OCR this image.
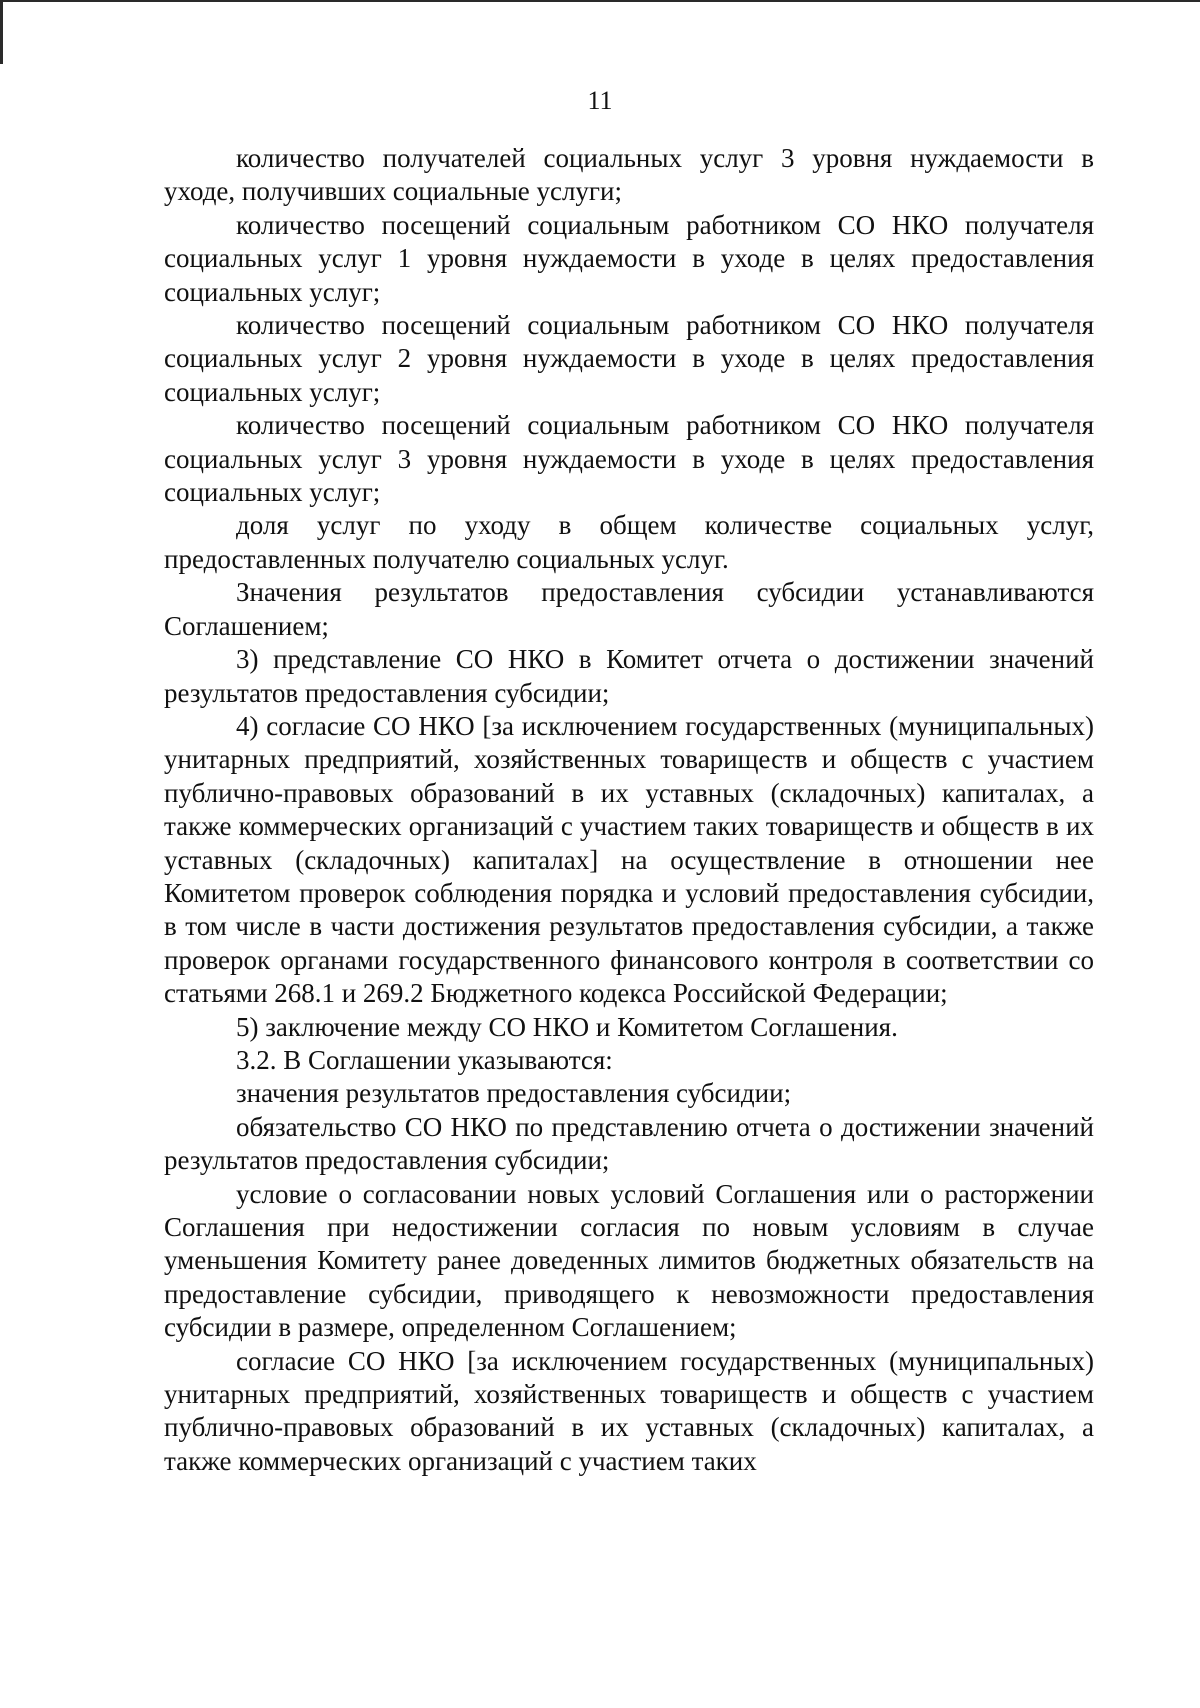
11

количество получателей социальных услуг 3 уровня нуждаемости в уходе, получивших социальные услуги;

количество посещений социальным работником СО НКО получателя социальных услуг 1 уровня нуждаемости в уходе в целях предоставления социальных услуг;

количество посещений социальным работником СО НКО получателя социальных услуг 2 уровня нуждаемости в уходе в целях предоставления социальных услуг;

количество посещений социальным работником СО НКО получателя социальных услуг 3 уровня нуждаемости в уходе в целях предоставления социальных услуг;

доля услуг по уходу в общем количестве социальных услуг, предоставленных получателю социальных услуг.

Значения результатов предоставления субсидии устанавливаются Соглашением;

3) представление СО НКО в Комитет отчета о достижении значений результатов предоставления субсидии;

4) согласие СО НКО [за исключением государственных (муниципальных) унитарных предприятий, хозяйственных товариществ и обществ с участием публично-правовых образований в их уставных (складочных) капиталах, а также коммерческих организаций с участием таких товариществ и обществ в их уставных (складочных) капиталах] на осуществление в отношении нее Комитетом проверок соблюдения порядка и условий предоставления субсидии, в том числе в части достижения результатов предоставления субсидии, а также проверок органами государственного финансового контроля в соответствии со статьями 268.1 и 269.2 Бюджетного кодекса Российской Федерации;

5) заключение между СО НКО и Комитетом Соглашения.

3.2. В Соглашении указываются:

значения результатов предоставления субсидии;

обязательство СО НКО по представлению отчета о достижении значений результатов предоставления субсидии;

условие о согласовании новых условий Соглашения или о расторжении Соглашения при недостижении согласия по новым условиям в случае уменьшения Комитету ранее доведенных лимитов бюджетных обязательств на предоставление субсидии, приводящего к невозможности предоставления субсидии в размере, определенном Соглашением;

согласие СО НКО [за исключением государственных (муниципальных) унитарных предприятий, хозяйственных товариществ и обществ с участием публично-правовых образований в их уставных (складочных) капиталах, а также коммерческих организаций с участием таких
